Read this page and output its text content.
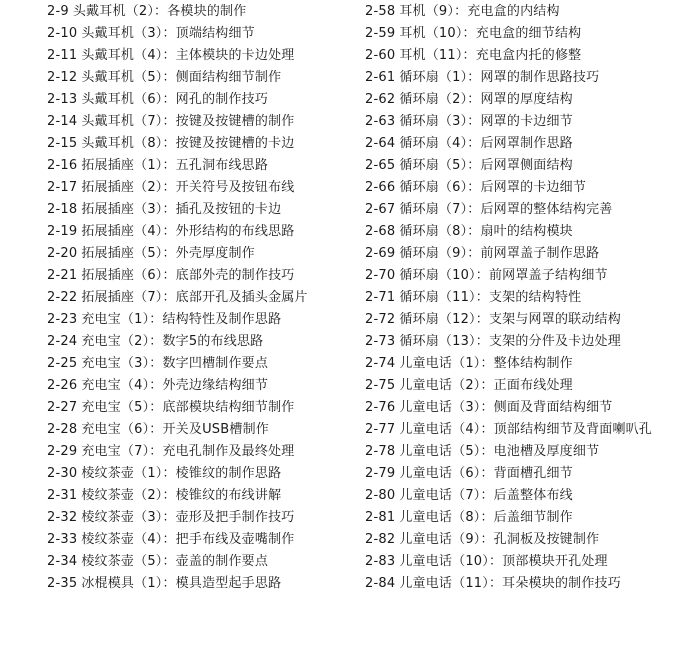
2-9 头戴耳机（2）：各模块的制作
2-10 头戴耳机（3）：顶端结构细节
2-11 头戴耳机（4）：主体模块的卡边处理
2-12 头戴耳机（5）：侧面结构细节制作
2-13 头戴耳机（6）：网孔的制作技巧
2-14 头戴耳机（7）：按键及按键槽的制作
2-15 头戴耳机（8）：按键及按键槽的卡边
2-16 拓展插座（1）：五孔洞布线思路
2-17 拓展插座（2）：开关符号及按钮布线
2-18 拓展插座（3）：插孔及按钮的卡边
2-19 拓展插座（4）：外形结构的布线思路
2-20 拓展插座（5）：外壳厚度制作
2-21 拓展插座（6）：底部外壳的制作技巧
2-22 拓展插座（7）：底部开孔及插头金属片
2-23 充电宝（1）：结构特性及制作思路
2-24 充电宝（2）：数字5的布线思路
2-25 充电宝（3）：数字凹槽制作要点
2-26 充电宝（4）：外壳边缘结构细节
2-27 充电宝（5）：底部模块结构细节制作
2-28 充电宝（6）：开关及USB槽制作
2-29 充电宝（7）：充电孔制作及最终处理
2-30 棱纹茶壶（1）：棱锥纹的制作思路
2-31 棱纹茶壶（2）：棱锥纹的布线讲解
2-32 棱纹茶壶（3）：壶形及把手制作技巧
2-33 棱纹茶壶（4）：把手布线及壶嘴制作
2-34 棱纹茶壶（5）：壶盖的制作要点
2-35 冰棍模具（1）：模具造型起手思路
2-58 耳机（9）：充电盒的内结构
2-59 耳机（10）：充电盒的细节结构
2-60 耳机（11）：充电盒内托的修整
2-61 循环扇（1）：网罩的制作思路技巧
2-62 循环扇（2）：网罩的厚度结构
2-63 循环扇（3）：网罩的卡边细节
2-64 循环扇（4）：后网罩制作思路
2-65 循环扇（5）：后网罩侧面结构
2-66 循环扇（6）：后网罩的卡边细节
2-67 循环扇（7）：后网罩的整体结构完善
2-68 循环扇（8）：扇叶的结构模块
2-69 循环扇（9）：前网罩盖子制作思路
2-70 循环扇（10）：前网罩盖子结构细节
2-71 循环扇（11）：支架的结构特性
2-72 循环扇（12）：支架与网罩的联动结构
2-73 循环扇（13）：支架的分件及卡边处理
2-74 儿童电话（1）：整体结构制作
2-75 儿童电话（2）：正面布线处理
2-76 儿童电话（3）：侧面及背面结构细节
2-77 儿童电话（4）：顶部结构细节及背面喇叭孔
2-78 儿童电话（5）：电池槽及厚度细节
2-79 儿童电话（6）：背面槽孔细节
2-80 儿童电话（7）：后盖整体布线
2-81 儿童电话（8）：后盖细节制作
2-82 儿童电话（9）：孔洞板及按键制作
2-83 儿童电话（10）：顶部模块开孔处理
2-84 儿童电话（11）：耳朵模块的制作技巧
